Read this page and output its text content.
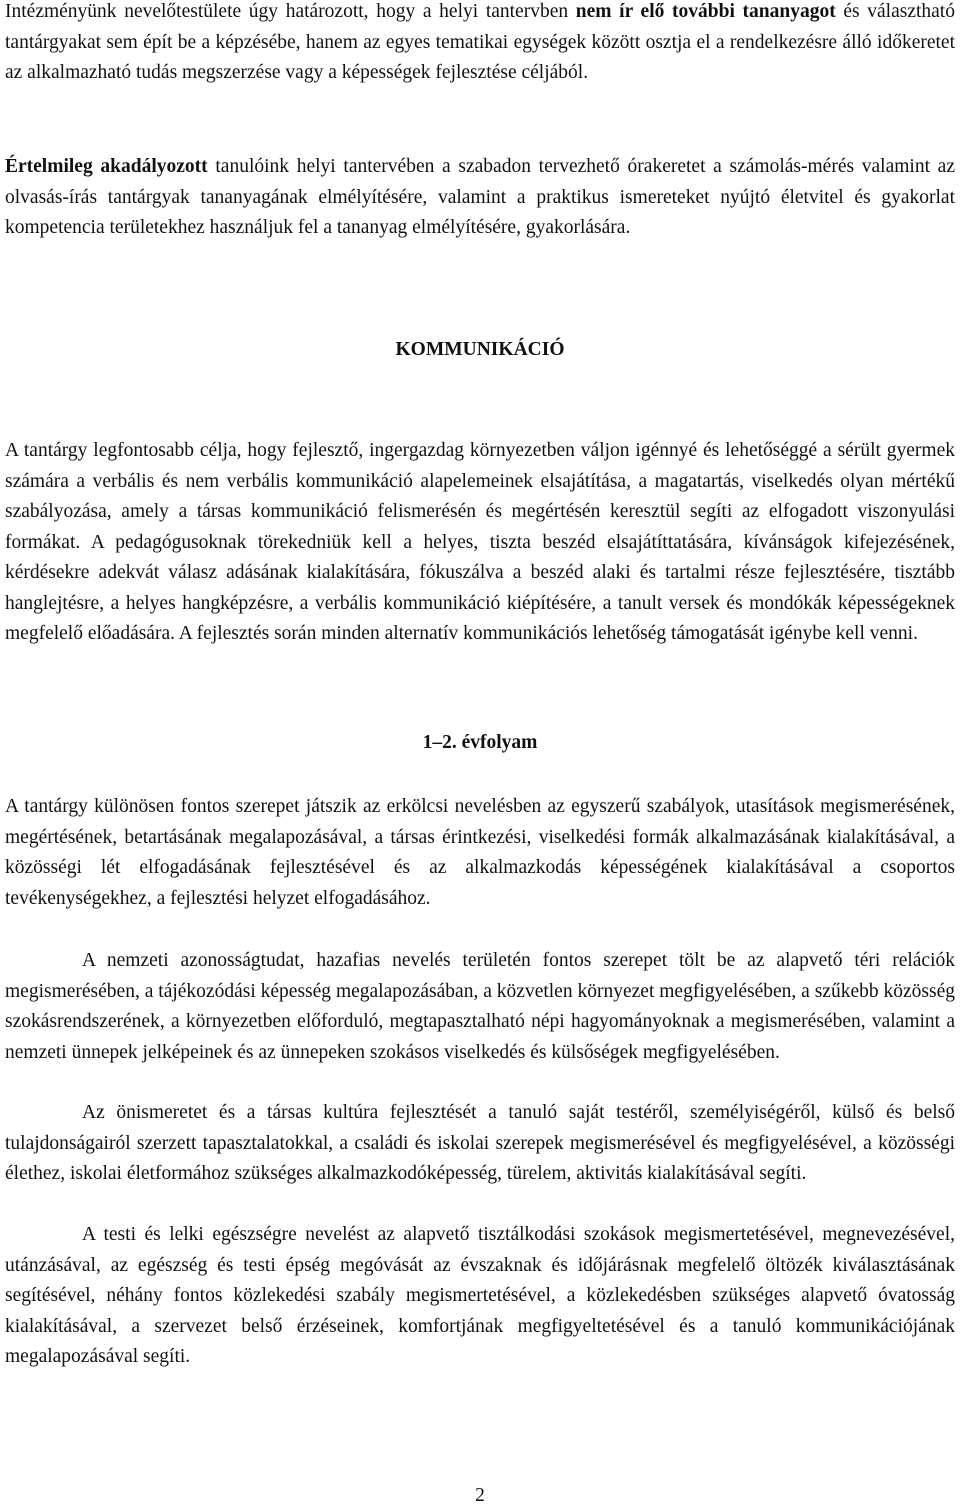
Intézményünk nevelőtestülete úgy határozott, hogy a helyi tantervben nem ír elő további tananyagot és választható tantárgyakat sem épít be a képzésébe, hanem az egyes tematikai egységek között osztja el a rendelkezésre álló időkeretet az alkalmazható tudás megszerzése vagy a képességek fejlesztése céljából.

Értelmileg akadályozott tanulóink helyi tantervében a szabadon tervezhető órakeretet a számolás-mérés valamint az olvasás-írás tantárgyak tananyagának elmélyítésére, valamint a praktikus ismereteket nyújtó életvitel és gyakorlat kompetencia területekhez használjuk fel a tananyag elmélyítésére, gyakorlására.

KOMMUNIKÁCIÓ

A tantárgy legfontosabb célja, hogy fejlesztő, ingergazdag környezetben váljon igénnyé és lehetőséggé a sérült gyermek számára a verbális és nem verbális kommunikáció alapelemeinek elsajátítása, a magatartás, viselkedés olyan mértékű szabályozása, amely a társas kommunikáció felismerésén és megértésén keresztül segíti az elfogadott viszonyulási formákat. A pedagógusoknak törekedniük kell a helyes, tiszta beszéd elsajátíttatására, kívánságok kifejezésének, kérdésekre adekvát válasz adásának kialakítására, fókuszálva a beszéd alaki és tartalmi része fejlesztésére, tisztább hanglejtésre, a helyes hangképzésre, a verbális kommunikáció kiépítésére, a tanult versek és mondókák képességeknek megfelelő előadására. A fejlesztés során minden alternatív kommunikációs lehetőség támogatását igénybe kell venni.

1–2. évfolyam

A tantárgy különösen fontos szerepet játszik az erkölcsi nevelésben az egyszerű szabályok, utasítások megismerésének, megértésének, betartásának megalapozásával, a társas érintkezési, viselkedési formák alkalmazásának kialakításával, a közösségi lét elfogadásának fejlesztésével és az alkalmazkodás képességének kialakításával a csoportos tevékenységekhez, a fejlesztési helyzet elfogadásához.

A nemzeti azonosságtudat, hazafias nevelés területén fontos szerepet tölt be az alapvető téri relációk megismerésében, a tájékozódási képesség megalapozásában, a közvetlen környezet megfigyelésében, a szűkebb közösség szokásrendszerének, a környezetben előforduló, megtapasztalható népi hagyományoknak a megismerésében, valamint a nemzeti ünnepek jelképeinek és az ünnepeken szokásos viselkedés és külsőségek megfigyelésében.

Az önismeretet és a társas kultúra fejlesztését a tanuló saját testéről, személyiségéről, külső és belső tulajdonságairól szerzett tapasztalatokkal, a családi és iskolai szerepek megismerésével és megfigyelésével, a közösségi élethez, iskolai életformához szükséges alkalmazkodóképesség, türelem, aktivitás kialakításával segíti.

A testi és lelki egészségre nevelést az alapvető tisztálkodási szokások megismertetésével, megnevezésével, utánzásával, az egészség és testi épség megóvását az évszaknak és időjárásnak megfelelő öltözék kiválasztásának segítésével, néhány fontos közlekedési szabály megismertetésével, a közlekedésben szükséges alapvető óvatosság kialakításával, a szervezet belső érzéseinek, komfortjának megfigyeltetésével és a tanuló kommunikációjának megalapozásával segíti.

2
